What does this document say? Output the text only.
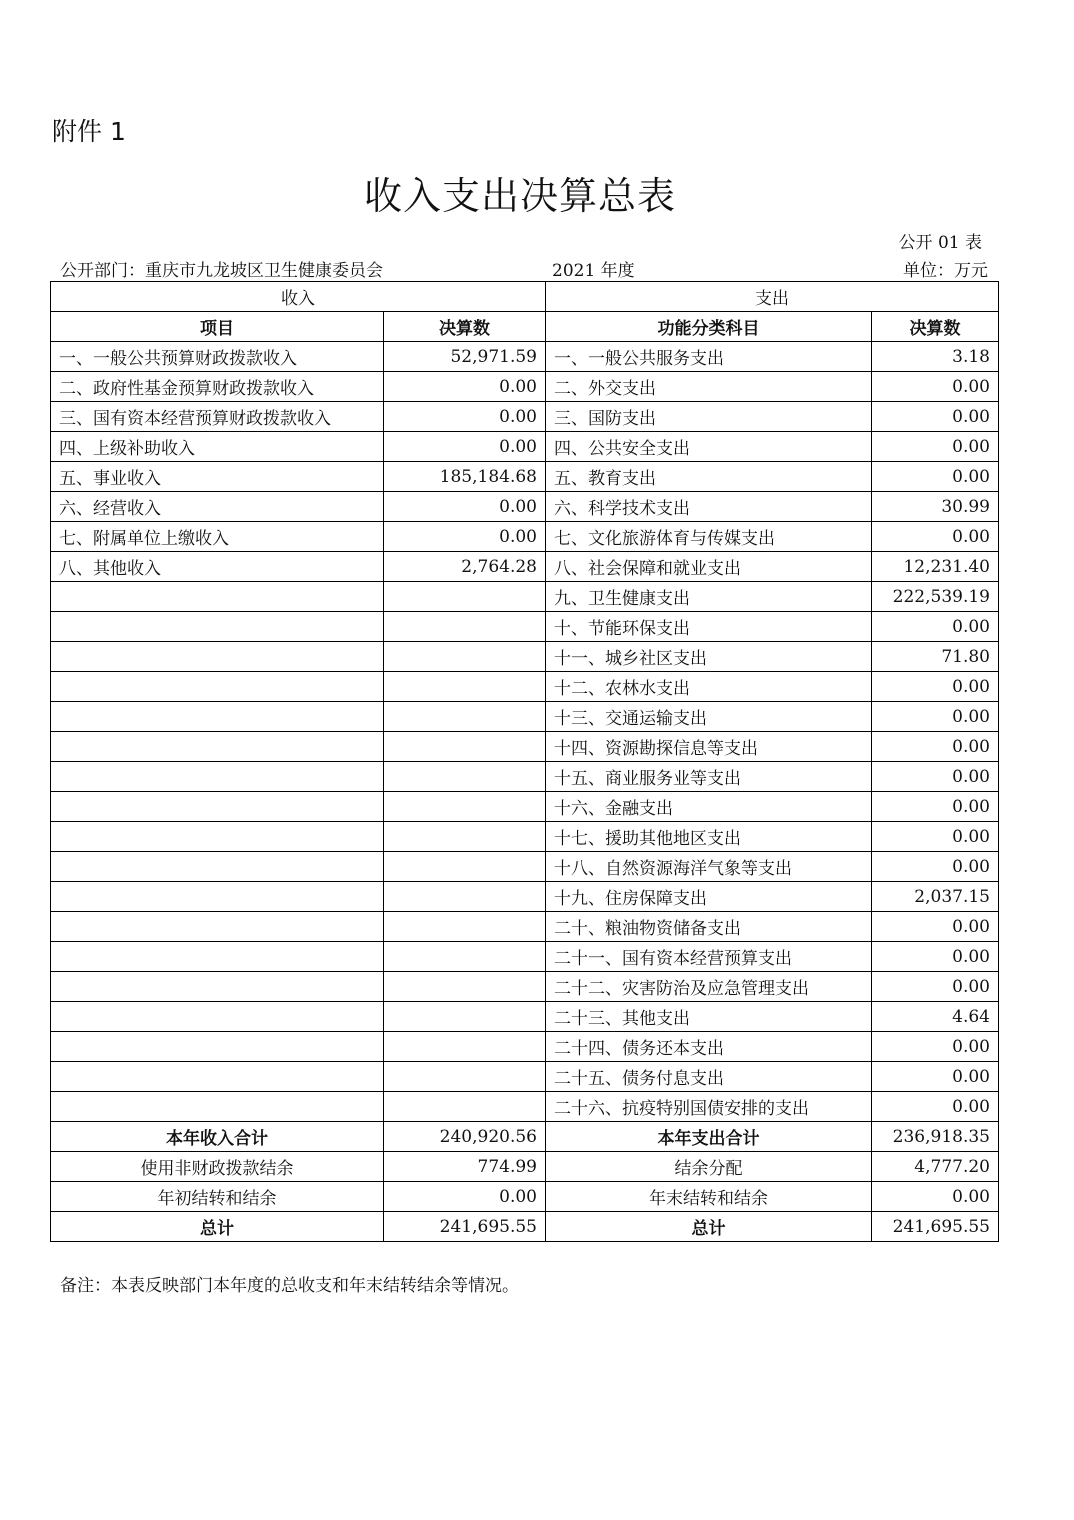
附件 1
收入支出决算总表
公开 01 表
公开部门：重庆市九龙坡区卫生健康委员会	2021 年度	单位：万元
收入		支出	
项目	决算数	功能分类科目	决算数
一、一般公共预算财政拨款收入	52,971.59	一、一般公共服务支出	3.18
二、政府性基金预算财政拨款收入	0.00	二、外交支出	0.00
三、国有资本经营预算财政拨款收入	0.00	三、国防支出	0.00
四、上级补助收入	0.00	四、公共安全支出	0.00
五、事业收入	185,184.68	五、教育支出	0.00
六、经营收入	0.00	六、科学技术支出	30.99
七、附属单位上缴收入	0.00	七、文化旅游体育与传媒支出	0.00
八、其他收入	2,764.28	八、社会保障和就业支出	12,231.40
		九、卫生健康支出	222,539.19
		十、节能环保支出	0.00
		十一、城乡社区支出	71.80
		十二、农林水支出	0.00
		十三、交通运输支出	0.00
		十四、资源勘探信息等支出	0.00
		十五、商业服务业等支出	0.00
		十六、金融支出	0.00
		十七、援助其他地区支出	0.00
		十八、自然资源海洋气象等支出	0.00
		十九、住房保障支出	2,037.15
		二十、粮油物资储备支出	0.00
		二十一、国有资本经营预算支出	0.00
		二十二、灾害防治及应急管理支出	0.00
		二十三、其他支出	4.64
		二十四、债务还本支出	0.00
		二十五、债务付息支出	0.00
		二十六、抗疫特别国债安排的支出	0.00
本年收入合计	240,920.56	本年支出合计	236,918.35
使用非财政拨款结余	774.99	结余分配	4,777.20
年初结转和结余	0.00	年末结转和结余	0.00
总计	241,695.55	总计	241,695.55
备注：本表反映部门本年度的总收支和年末结转结余等情况。
